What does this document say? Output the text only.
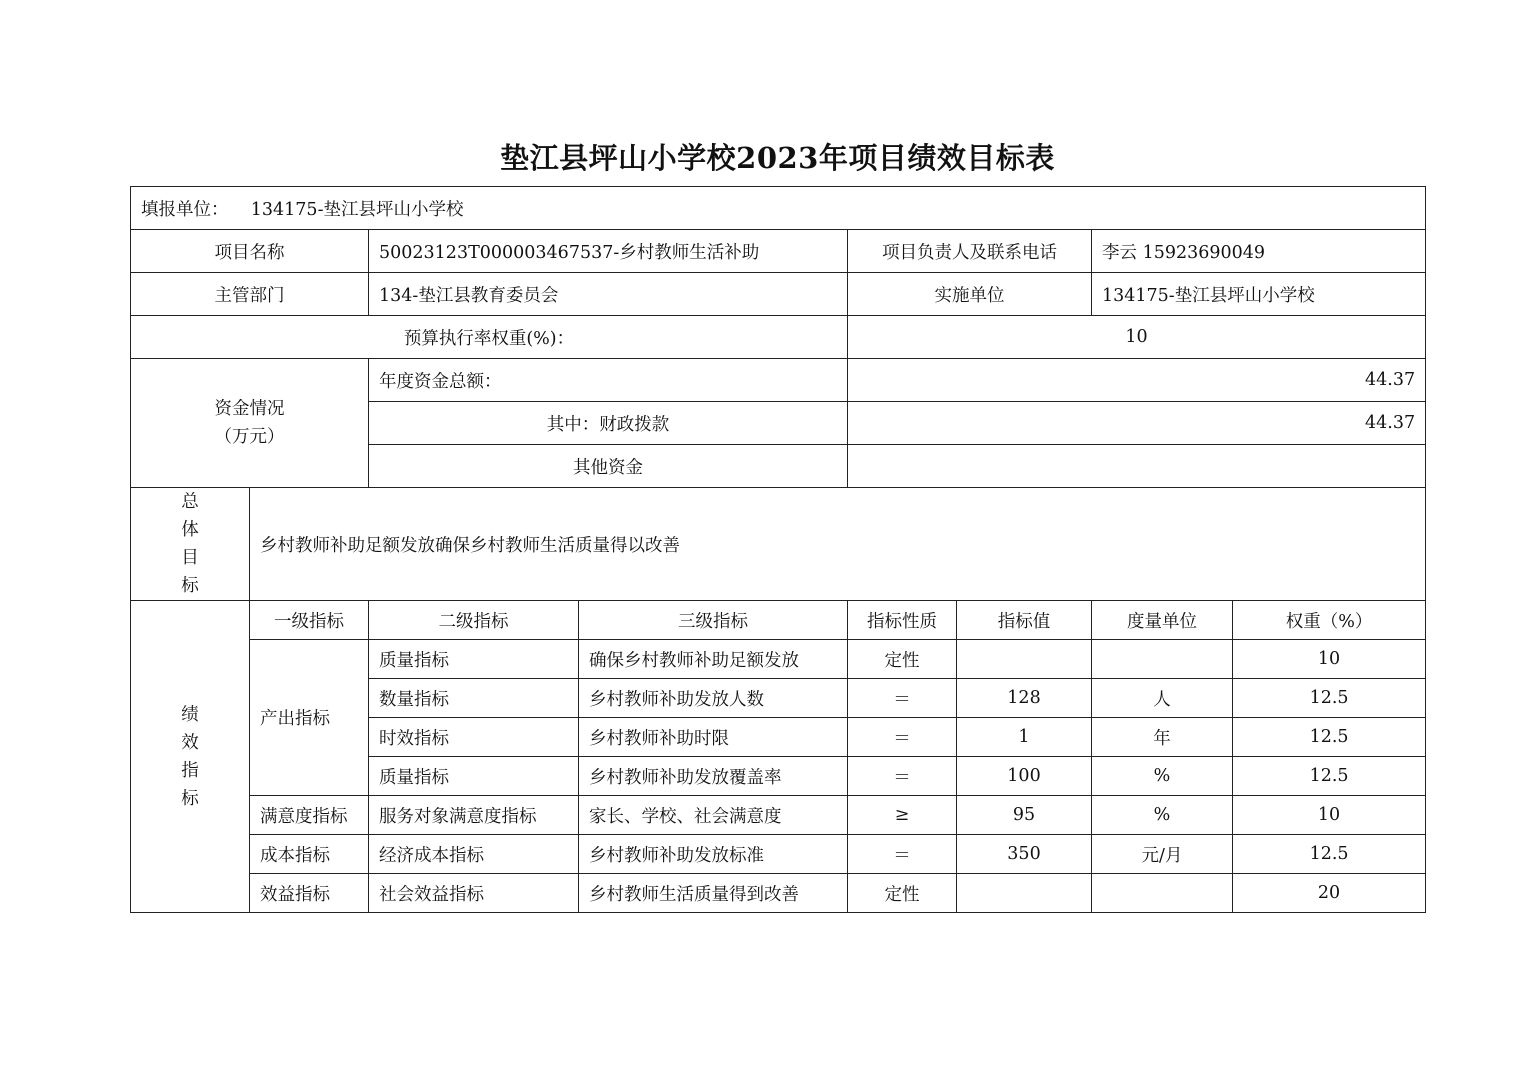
垫江县坪山小学校2023年项目绩效目标表
填报单位： 134175-垫江县坪山小学校							
项目名称		50023123T000003467537-乡村教师生活补助		项目负责人及联系电话		李云 15923690049	
主管部门		134-垫江县教育委员会		实施单位		134175-垫江县坪山小学校	
预算执行率权重(%)：				10			

资金情况
（万元）		年度资金总额：		44.37			
		其中：财政拨款		44.37			
		其他资金					

总
体
目
标	乡村教师补助足额发放确保乡村教师生活质量得以改善						

绩
效
指
标	一级指标	二级指标	三级指标	指标性质	指标值	度量单位	权重（%）
	产出指标	质量指标	确保乡村教师补助足额发放	定性			10
		数量指标	乡村教师补助发放人数	＝	128	人	12.5
		时效指标	乡村教师补助时限	＝	1	年	12.5
		质量指标	乡村教师补助发放覆盖率	＝	100	%	12.5
	满意度指标	服务对象满意度指标	家长、学校、社会满意度	≥	95	%	10
	成本指标	经济成本指标	乡村教师补助发放标准	＝	350	元/月	12.5
	效益指标	社会效益指标	乡村教师生活质量得到改善	定性			20
